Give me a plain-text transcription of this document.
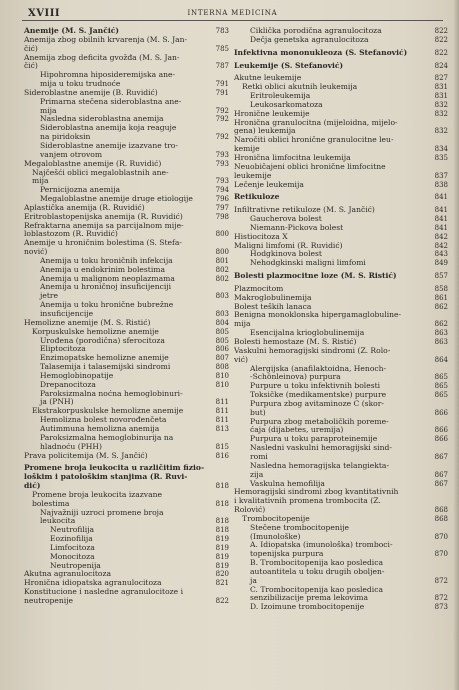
XVIII	INTERNA MEDICINA
Anemije (M. S. Jančić)	783
Anemija zbog obilnih krvarenja (M. S. Jan-
čić)	785
Anemija zbog deficita gvožđa (M. S. Jan-
čić)	787
Hipohromna hiposideremijska ane-
mija u toku trudnoće	791
Sideroblastne anemije (B. Ruvidić)	791
Primarna stečena sideroblastna ane-
mija	792
Nasledna sideroblastna anemija	792
Sideroblastna anemija koja reaguje
na piridoksin	792
Sideroblastne anemije izazvane tro-
vanjem otrovom	793
Megaloblastne anemije (R. Ruvidić)	793
Najčešći oblici megaloblastnih ane-
mija	793
Pernicijozna anemija	794
Megaloblastne anemije druge etiologije	796
Aplastička anemija (R. Ruvidić)	797
Eritroblastopenijska anemija (R. Ruvidić)	798
Refraktarna anemija sa parcijalnom mije-
loblastozom (R. Ruvidić)	800
Anemije u hroničnim bolestima (S. Stefa-
nović)	800
Anemija u toku hroničnih infekcija	801
Anemija u endokrinim bolestima	802
Anemija u malignom neoplazmama	802
Anemija u hroničnoj insuficijenciji
jetre	803
Anemija u toku hronične bubrežne
insuficijencije	803
Hemolizne anemije (M. S. Ristić)	804
Korpuskulske hemolizne anemije	805
Urođena (porodična) sferocitoza	805
Eliptocitoza	806
Enzimopatske hemolizne anemije	807
Talasemija i talasemijski sindromi	808
Hemoglobinopatije	810
Drepanocitoza	810
Paroksizmalna noćna hemoglobinuri-
ja (PNH)	811
Ekstrakorpuskulske hemolizne anemije	811
Hemolizna bolest novorođenčeta	811
Autimmuna hemolizna anemija	813
Paroksizmalna hemoglobinurija na
hladnoću (PHH)	815
Prava policitemija (M. S. Jančić)	816
Promene broja leukocita u različitim fizio-
loškim i patološkim stanjima (R. Ruvi-
dić)	818
Promene broja leukocita izazvane
bolestima	818
Najvažniji uzroci promene broja
leukocita	818
Neutrofilija	818
Eozinofilija	819
Limfocitoza	819
Monocitoza	819
Neutropenija	819
Akutna agranulocitoza	820
Hronična idiopatska agranulocitoza	821
Konstitucione i nasledne agranulocitoze i
neutropenije	822
Ciklička porodična agranulocitoza	822
Dečja genetska agranulocitoza	822
Infektivna mononukleoza (S. Stefanović)	822
Leukemije (S. Stefanović)	824
Akutne leukemije	827
Retki oblici akutnih leukemija	831
Eritroleukemija	831
Leukosarkomatoza	832
Hronične leukemije	832
Hronična granulocitna (mijeloidna, mijelo-
gena) leukemija	832
Naročiti oblici hronične granulocitne leu-
kemije	834
Hronična limfocitna leukemija	835
Neuobičajeni oblici hronične limfocitne
leukemije	837
Lečenje leukemija	838
Retikuloze	841
Infiltrativne retikuloze (M. S. Jančić)	841
Gaucherova bolest	841
Niemann-Pickova bolest	841
Histiocitoza X	842
Maligni limfomi (R. Ruvidić)	842
Hodgkinova bolest	843
Nehodgkinski maligni limfomi	849
Bolesti plazmocitne loze (M. S. Ristić)	857
Plazmocitom	858
Makroglobulinemija	861
Bolest teških lanaca	862
Benigna monoklonska hipergamaglobuline-
mija	862
Esencijalna krioglobulinemija	863
Bolesti hemostaze (M. S. Ristić)	863
Vaskulni hemoragijski sindromi (Z. Rolo-
vić)	864
Alergijska (anafilaktoidna, Henoch-
-Schönleinova) purpura	865
Purpure u toku infektivnih bolesti	865
Toksičke (medikamentske) purpure	865
Purpura zbog avitaminoze C (skor-
but)	866
Purpura zbog metaboličkih poreme-
ćaja (dijabetes, uremija)	866
Purpura u toku paraproteinemije	866
Nasledni vaskulni hemoragijski sind-
romi	867
Nasledna hemoragijska telangiekta-
zija	867
Vaskulna hemofilija	867
Hemoragijski sindromi zbog kvantitativnih
i kvalitativnih promena trombocita (Z.
Rolović)	868
Trombocitopenije	868
Stečene trombocitopenije
(Imunološke)	870
A. Idiopatska (imunološka) tromboci-
topenijska purpura	870
B. Trombocitopenija kao posledica
autoantitela u toku drugih oboljen-
ja	872
C. Trombocitopenija kao posledica
senzibilizacije prema lekovima	872
D. Izoimune trombocitopenije	873
